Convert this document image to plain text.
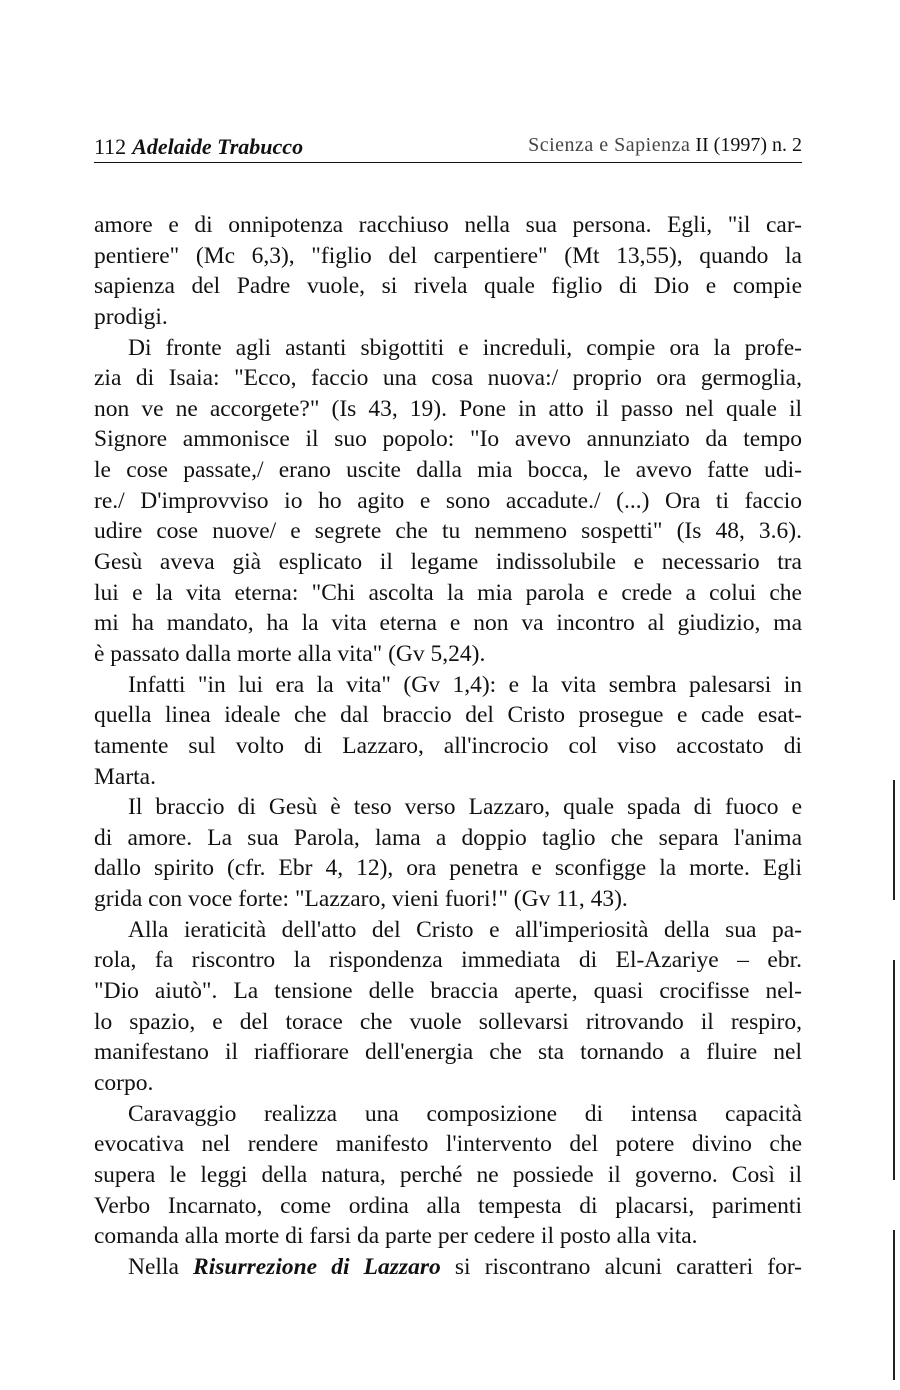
112 Adelaide Trabucco	Scienza e Sapienza II (1997) n. 2
amore e di onnipotenza racchiuso nella sua persona. Egli, "il car-
pentiere" (Mc 6,3), "figlio del carpentiere" (Mt 13,55), quando la
sapienza del Padre vuole, si rivela quale figlio di Dio e compie
prodigi.
Di fronte agli astanti sbigottiti e increduli, compie ora la profe-
zia di Isaia: "Ecco, faccio una cosa nuova:/ proprio ora germoglia,
non ve ne accorgete?" (Is 43, 19). Pone in atto il passo nel quale il
Signore ammonisce il suo popolo: "Io avevo annunziato da tempo
le cose passate,/ erano uscite dalla mia bocca, le avevo fatte udi-
re./ D'improvviso io ho agito e sono accadute./ (...) Ora ti faccio
udire cose nuove/ e segrete che tu nemmeno sospetti" (Is 48, 3.6).
Gesù aveva già esplicato il legame indissolubile e necessario tra
lui e la vita eterna: "Chi ascolta la mia parola e crede a colui che
mi ha mandato, ha la vita eterna e non va incontro al giudizio, ma
è passato dalla morte alla vita" (Gv 5,24).
Infatti "in lui era la vita" (Gv 1,4): e la vita sembra palesarsi in
quella linea ideale che dal braccio del Cristo prosegue e cade esat-
tamente sul volto di Lazzaro, all'incrocio col viso accostato di
Marta.
Il braccio di Gesù è teso verso Lazzaro, quale spada di fuoco e
di amore. La sua Parola, lama a doppio taglio che separa l'anima
dallo spirito (cfr. Ebr 4, 12), ora penetra e sconfigge la morte. Egli
grida con voce forte: "Lazzaro, vieni fuori!" (Gv 11, 43).
Alla ieraticità dell'atto del Cristo e all'imperiosità della sua pa-
rola, fa riscontro la rispondenza immediata di El-Azariye – ebr.
"Dio aiutò". La tensione delle braccia aperte, quasi crocifisse nel-
lo spazio, e del torace che vuole sollevarsi ritrovando il respiro,
manifestano il riaffiorare dell'energia che sta tornando a fluire nel
corpo.
Caravaggio realizza una composizione di intensa capacità
evocativa nel rendere manifesto l'intervento del potere divino che
supera le leggi della natura, perché ne possiede il governo. Così il
Verbo Incarnato, come ordina alla tempesta di placarsi, parimenti
comanda alla morte di farsi da parte per cedere il posto alla vita.
Nella Risurrezione di Lazzaro si riscontrano alcuni caratteri for-
